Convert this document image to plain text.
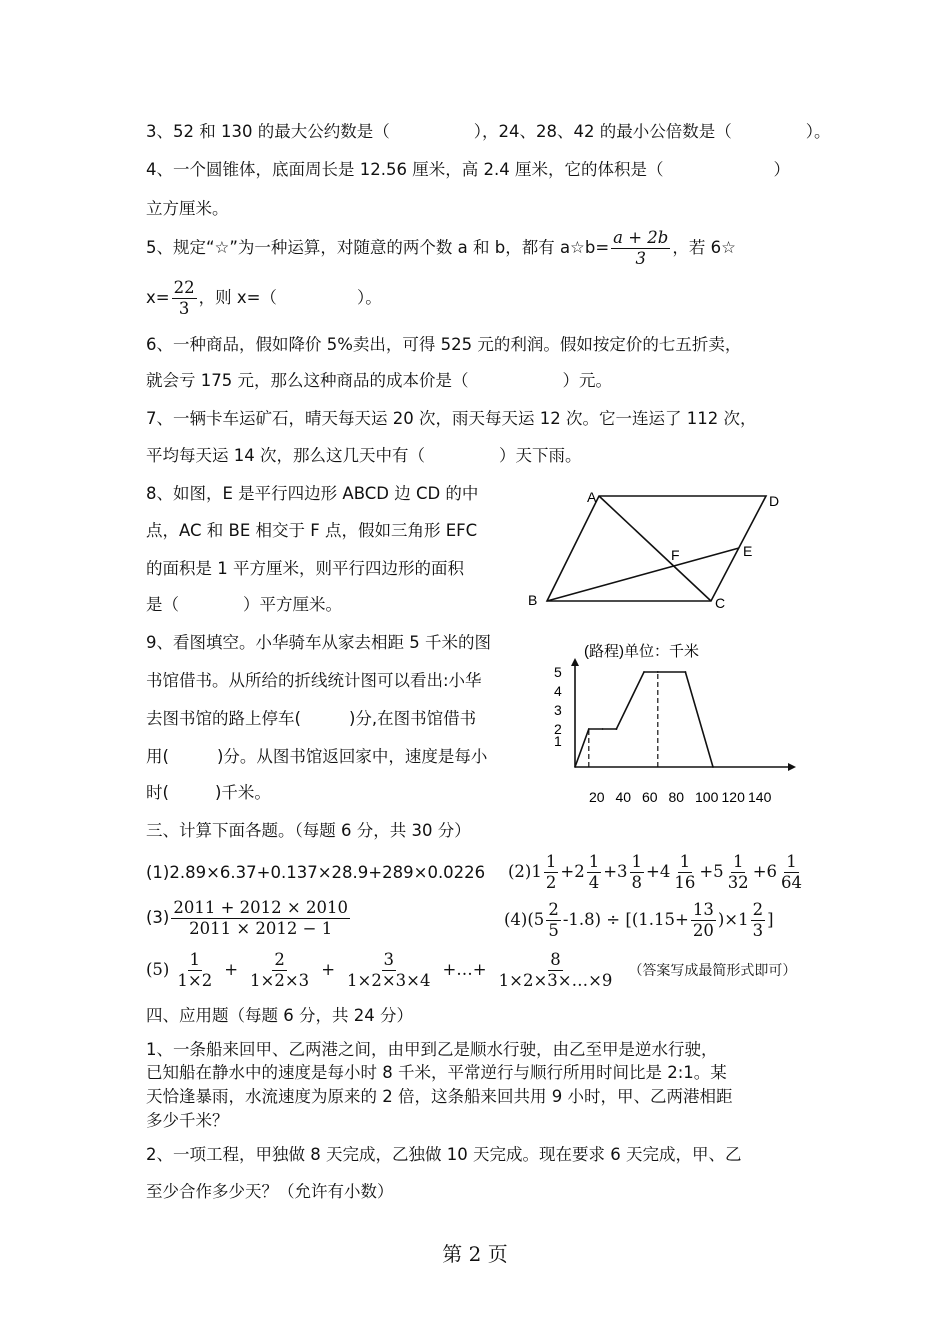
3、52 和 130 的最大公约数是（	），24、28、42 的最小公倍数是（	）。
4、一个圆锥体，底面周长是 12.56 厘米，高 2.4 厘米，它的体积是（	）
立方厘米。
5、规定“☆”为一种运算，对随意的两个数 a 和 b，都有 a☆b= $\frac{a + 2b}{3}$ ，若 6☆
$x= \frac{22}{3}$ ，则 x=（	）。
6、一种商品，假如降价 5%卖出，可得 525 元的利润。假如按定价的七五折卖，
就会亏 175 元，那么这种商品的成本价是（	）元。
7、一辆卡车运矿石，晴天每天运 20 次，雨天每天运 12 次。它一连运了 112 次，
平均每天运 14 次，那么这几天中有（	）天下雨。
8、如图，E 是平行四边形 ABCD 边 CD 的中
点，AC 和 BE 相交于 F 点，假如三角形 EFC
的面积是 1 平方厘米，则平行四边形的面积
是（	）平方厘米。
A	D
E
F
B	C
9、看图填空。小华骑车从家去相距 5 千米的图
书馆借书。从所给的折线统计图可以看出:小华
去图书馆的路上停车(	)分,在图书馆借书
用(	)分。从图书馆返回家中，速度是每小
时(	)千米。
(路程)单位：千米
1
2
3
4
5
20 40 60 80 100 120 140
三、计算下面各题。（每题 6 分，共 30 分）
(1)2.89×6.37+0.137×28.9+289×0.0226 $(2)1 \frac{1}{2} +2 \frac{1}{4} +3 \frac{1}{8} +4 \frac{1}{16} +5 \frac{1}{32} +6 \frac{1}{64}$
$(3) \frac{2011 + 2012 \times 2010}{2011 \times 2012 - 1}$	$(4)(5 \frac{2}{5} -1.8) \div [(1.15+ \frac{13}{20} )\times 1 \frac{2}{3}$ ]
$(5) \frac{1}{1\times 2} + \frac{2}{1\times 2\times 3} + \frac{3}{1\times 2\times 3\times 4}$ +…+ $\frac{8}{1\times 2\times 3\times\dots\times 9}$ （答案写成最简形式即可）
四、应用题（每题 6 分，共 24 分）
1、一条船来回甲、乙两港之间，由甲到乙是顺水行驶，由乙至甲是逆水行驶，
已知船在静水中的速度是每小时 8 千米，平常逆行与顺行所用时间比是 2:1。某
天恰逢暴雨，水流速度为原来的 2 倍，这条船来回共用 9 小时，甲、乙两港相距
多少千米？
2、一项工程，甲独做 8 天完成，乙独做 10 天完成。现在要求 6 天完成，甲、乙
至少合作多少天？（允许有小数）
第 2 页
